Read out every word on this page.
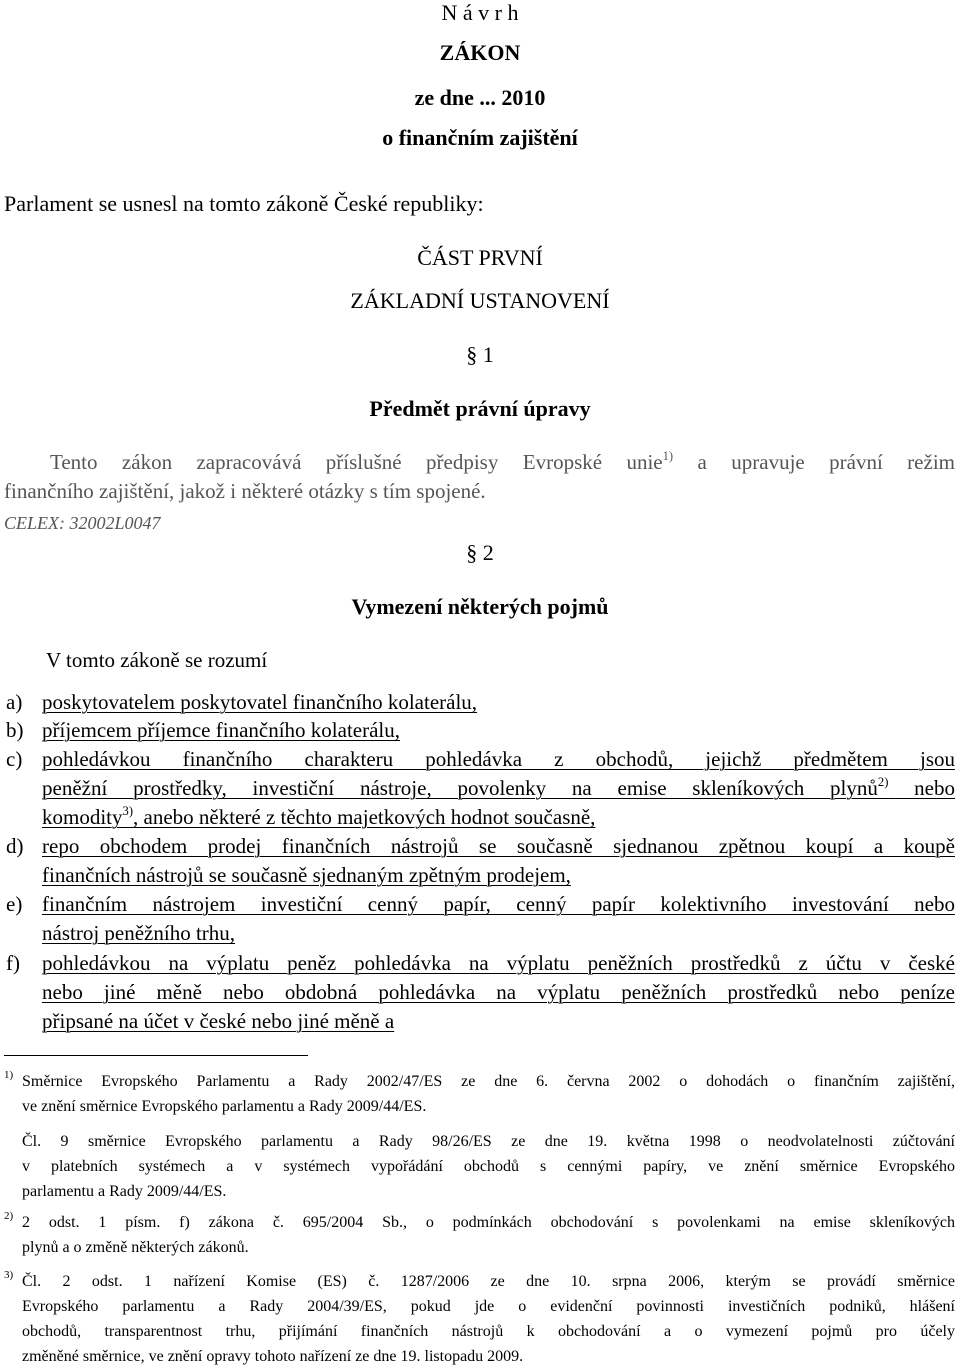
N á v r h
ZÁKON
ze dne ... 2010
o finančním zajištění
Parlament se usnesl na tomto zákoně České republiky:
ČÁST PRVNÍ
ZÁKLADNÍ USTANOVENÍ
§ 1
Předmět právní úpravy
Tento zákon zapracovává příslušné předpisy Evropské unie$^{1)}$ a upravuje právní režim
finančního zajištění, jakož i některé otázky s tím spojené.
CELEX: 32002L0047
§ 2
Vymezení některých pojmů
V tomto zákoně se rozumí
a) poskytovatelem poskytovatel finančního kolaterálu,
b) příjemcem příjemce finančního kolaterálu,
c) pohledávkou finančního charakteru pohledávka z obchodů, jejichž předmětem jsou
peněžní prostředky, investiční nástroje, povolenky na emise skleníkových plynů$^{2)}$ nebo
komodity$^{3)}$, anebo některé z těchto majetkových hodnot současně,
d) repo obchodem prodej finančních nástrojů se současně sjednanou zpětnou koupí a koupě
finančních nástrojů se současně sjednaným zpětným prodejem,
e) finančním nástrojem investiční cenný papír, cenný papír kolektivního investování nebo
nástroj peněžního trhu,
f) pohledávkou na výplatu peněz pohledávka na výplatu peněžních prostředků z účtu v české
nebo jiné měně nebo obdobná pohledávka na výplatu peněžních prostředků nebo peníze
připsané na účet v české nebo jiné měně a
1) Směrnice Evropského Parlamentu a Rady 2002/47/ES ze dne 6. června 2002 o dohodách o finančním zajištění,
ve znění směrnice Evropského parlamentu a Rady 2009/44/ES.
Čl. 9 směrnice Evropského parlamentu a Rady 98/26/ES ze dne 19. května 1998 o neodvolatelnosti zúčtování
v platebních systémech a v systémech vypořádání obchodů s cennými papíry, ve znění směrnice Evropského
parlamentu a Rady 2009/44/ES.
2) 2 odst. 1 písm. f) zákona č. 695/2004 Sb., o podmínkách obchodování s povolenkami na emise skleníkových
plynů a o změně některých zákonů.
3) Čl. 2 odst. 1 nařízení Komise (ES) č. 1287/2006 ze dne 10. srpna 2006, kterým se provádí směrnice
Evropského parlamentu a Rady 2004/39/ES, pokud jde o evidenční povinnosti investičních podniků, hlášení
obchodů, transparentnost trhu, přijímání finančních nástrojů k obchodování a o vymezení pojmů pro účely
změněné směrnice, ve znění opravy tohoto nařízení ze dne 19. listopadu 2009.
